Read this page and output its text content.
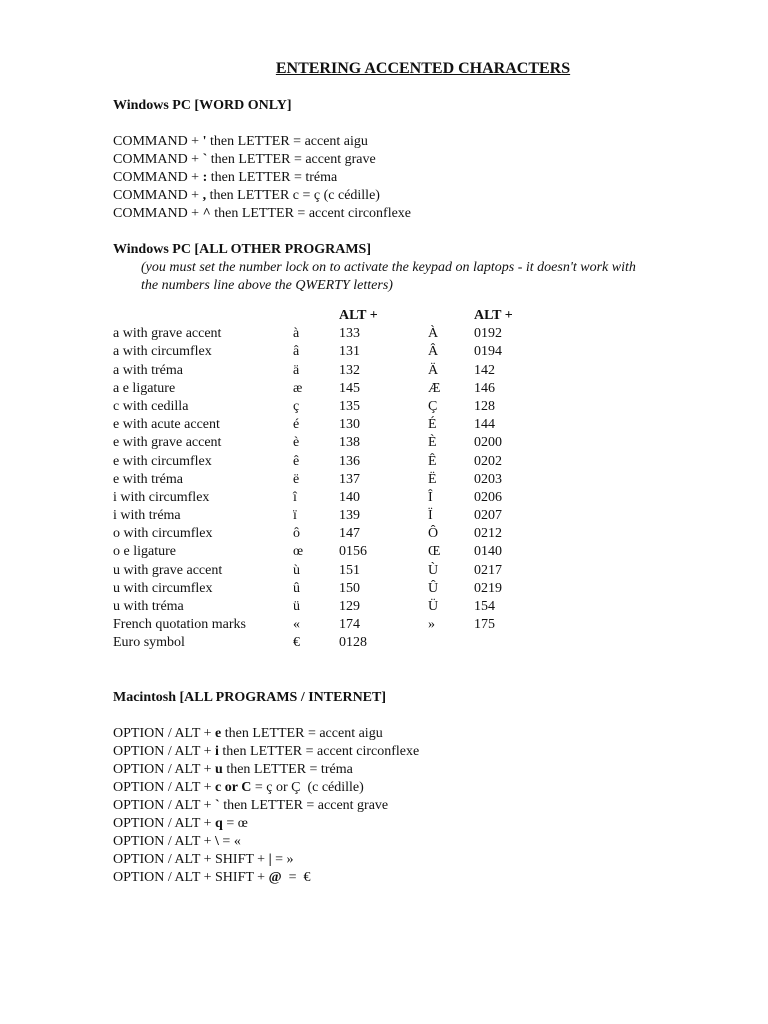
ENTERING ACCENTED CHARACTERS
Windows PC [WORD ONLY]
COMMAND + ' then LETTER = accent aigu
COMMAND + ` then LETTER = accent grave
COMMAND + : then LETTER = tréma
COMMAND + , then LETTER c = ç (c cédille)
COMMAND + ^ then LETTER = accent circonflexe
Windows PC [ALL OTHER PROGRAMS]
(you must set the number lock on to activate the keypad on laptops - it doesn't work with the numbers line above the QWERTY letters)
		ALT +		ALT +
a with grave accent	à	133	À	0192
a with circumflex	â	131	Â	0194
a with tréma	ä	132	Ä	142
a e ligature	æ	145	Æ	146
c with cedilla	ç	135	Ç	128
e with acute accent	é	130	É	144
e with grave accent	è	138	È	0200
e with circumflex	ê	136	Ê	0202
e with tréma	ë	137	Ë	0203
i with circumflex	î	140	Î	0206
i with tréma	ï	139	Ï	0207
o with circumflex	ô	147	Ô	0212
o e ligature	œ	0156	Œ	0140
u with grave accent	ù	151	Ù	0217
u with circumflex	û	150	Û	0219
u with tréma	ü	129	Ü	154
French quotation marks	«	174	»	175
Euro symbol	€	0128		
Macintosh [ALL PROGRAMS / INTERNET]
OPTION / ALT + e then LETTER = accent aigu
OPTION / ALT + i then LETTER = accent circonflexe
OPTION / ALT + u then LETTER = tréma
OPTION / ALT + c or C = ç or Ç  (c cédille)
OPTION / ALT + ` then LETTER = accent grave
OPTION / ALT + q = œ
OPTION / ALT + \ = «
OPTION / ALT + SHIFT + | = »
OPTION / ALT + SHIFT + @  =  €
